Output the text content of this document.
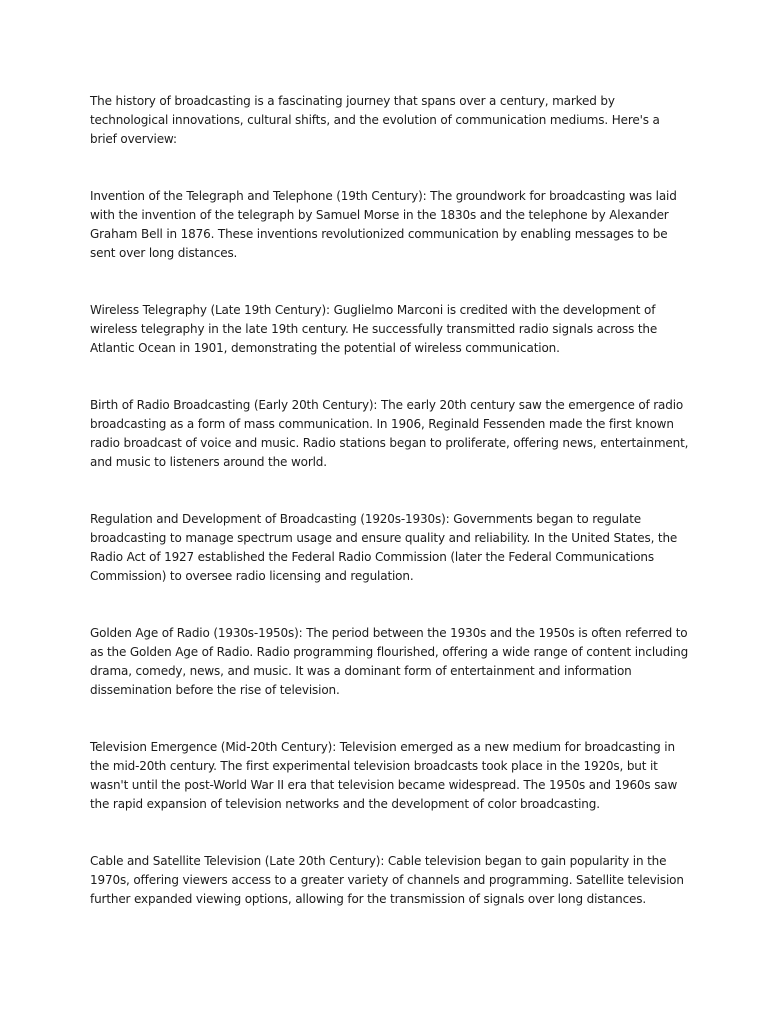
The history of broadcasting is a fascinating journey that spans over a century, marked by technological innovations, cultural shifts, and the evolution of communication mediums. Here's a brief overview:

Invention of the Telegraph and Telephone (19th Century): The groundwork for broadcasting was laid with the invention of the telegraph by Samuel Morse in the 1830s and the telephone by Alexander Graham Bell in 1876. These inventions revolutionized communication by enabling messages to be sent over long distances.

Wireless Telegraphy (Late 19th Century): Guglielmo Marconi is credited with the development of wireless telegraphy in the late 19th century. He successfully transmitted radio signals across the Atlantic Ocean in 1901, demonstrating the potential of wireless communication.

Birth of Radio Broadcasting (Early 20th Century): The early 20th century saw the emergence of radio broadcasting as a form of mass communication. In 1906, Reginald Fessenden made the first known radio broadcast of voice and music. Radio stations began to proliferate, offering news, entertainment, and music to listeners around the world.

Regulation and Development of Broadcasting (1920s-1930s): Governments began to regulate broadcasting to manage spectrum usage and ensure quality and reliability. In the United States, the Radio Act of 1927 established the Federal Radio Commission (later the Federal Communications Commission) to oversee radio licensing and regulation.

Golden Age of Radio (1930s-1950s): The period between the 1930s and the 1950s is often referred to as the Golden Age of Radio. Radio programming flourished, offering a wide range of content including drama, comedy, news, and music. It was a dominant form of entertainment and information dissemination before the rise of television.

Television Emergence (Mid-20th Century): Television emerged as a new medium for broadcasting in the mid-20th century. The first experimental television broadcasts took place in the 1920s, but it wasn't until the post-World War II era that television became widespread. The 1950s and 1960s saw the rapid expansion of television networks and the development of color broadcasting.

Cable and Satellite Television (Late 20th Century): Cable television began to gain popularity in the 1970s, offering viewers access to a greater variety of channels and programming. Satellite television further expanded viewing options, allowing for the transmission of signals over long distances.
